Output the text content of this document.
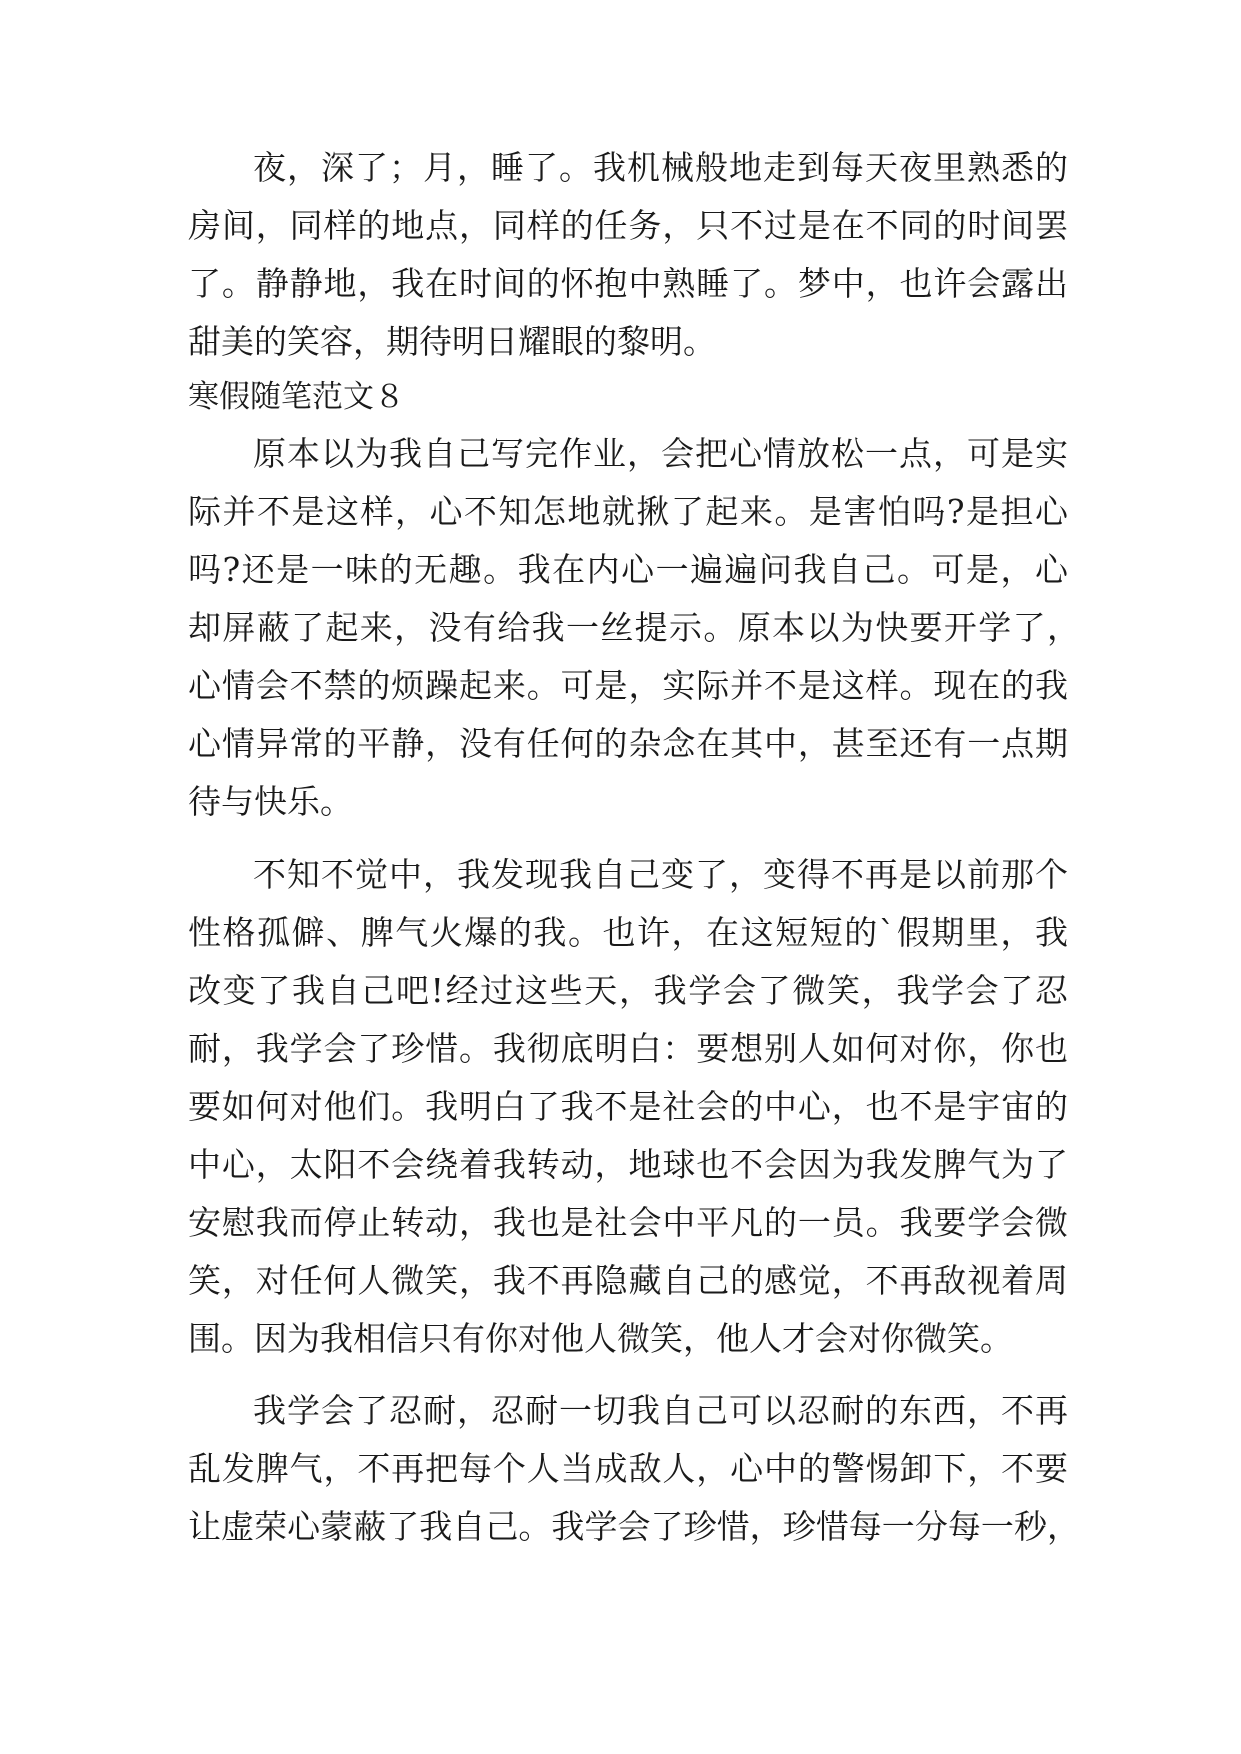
夜，深了；月，睡了。我机械般地走到每天夜里熟悉的
房间，同样的地点，同样的任务，只不过是在不同的时间罢
了。静静地，我在时间的怀抱中熟睡了。梦中，也许会露出
甜美的笑容，期待明日耀眼的黎明。
寒假随笔范文８
原本以为我自己写完作业，会把心情放松一点，可是实
际并不是这样，心不知怎地就揪了起来。是害怕吗?是担心
吗?还是一味的无趣。我在内心一遍遍问我自己。可是，心
却屏蔽了起来，没有给我一丝提示。原本以为快要开学了，
心情会不禁的烦躁起来。可是，实际并不是这样。现在的我
心情异常的平静，没有任何的杂念在其中，甚至还有一点期
待与快乐。
不知不觉中，我发现我自己变了，变得不再是以前那个
性格孤僻、脾气火爆的我。也许，在这短短的`假期里，我
改变了我自己吧!经过这些天，我学会了微笑，我学会了忍
耐，我学会了珍惜。我彻底明白：要想别人如何对你，你也
要如何对他们。我明白了我不是社会的中心，也不是宇宙的
中心，太阳不会绕着我转动，地球也不会因为我发脾气为了
安慰我而停止转动，我也是社会中平凡的一员。我要学会微
笑，对任何人微笑，我不再隐藏自己的感觉，不再敌视着周
围。因为我相信只有你对他人微笑，他人才会对你微笑。
我学会了忍耐，忍耐一切我自己可以忍耐的东西，不再
乱发脾气，不再把每个人当成敌人，心中的警惕卸下，不要
让虚荣心蒙蔽了我自己。我学会了珍惜，珍惜每一分每一秒，
